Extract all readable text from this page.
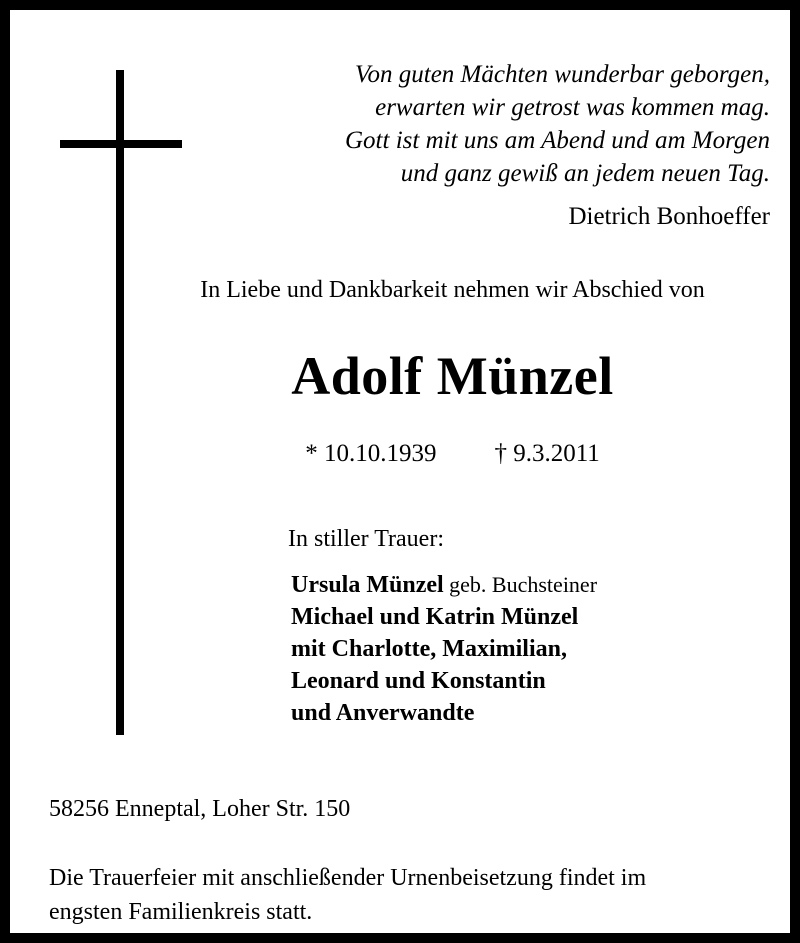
Von guten Mächten wunderbar geborgen,
erwarten wir getrost was kommen mag.
Gott ist mit uns am Abend und am Morgen
und ganz gewiß an jedem neuen Tag.
Dietrich Bonhoeffer
In Liebe und Dankbarkeit nehmen wir Abschied von
Adolf Münzel
* 10.10.1939 † 9.3.2011
In stiller Trauer:
Ursula Münzel geb. Buchsteiner
Michael und Katrin Münzel
mit Charlotte, Maximilian,
Leonard und Konstantin
und Anverwandte
58256 Enneptal, Loher Str. 150
Die Trauerfeier mit anschließender Urnenbeisetzung findet im
engsten Familienkreis statt.
